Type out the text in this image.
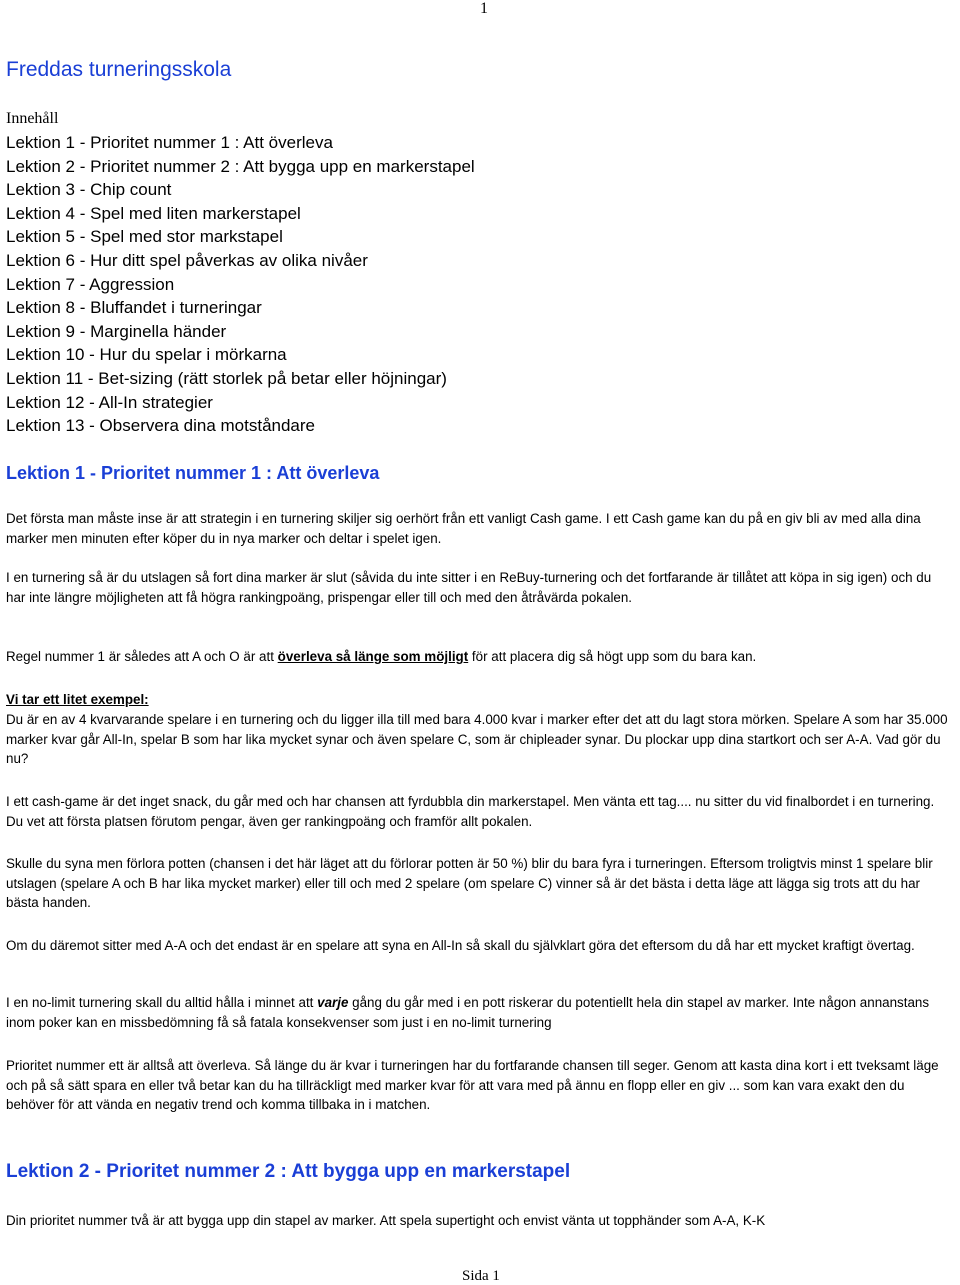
1
Freddas turneringsskola
Innehåll
Lektion 1 - Prioritet nummer 1 : Att överleva
Lektion 2 - Prioritet nummer 2 : Att bygga upp en markerstapel
Lektion 3 - Chip count
Lektion 4 - Spel med liten markerstapel
Lektion 5 - Spel med stor markstapel
Lektion 6 - Hur ditt spel påverkas av olika nivåer
Lektion 7 - Aggression
Lektion 8 - Bluffandet i turneringar
Lektion 9 - Marginella händer
Lektion 10 - Hur du spelar i mörkarna
Lektion 11 - Bet-sizing (rätt storlek på betar eller höjningar)
Lektion 12 - All-In strategier
Lektion 13 - Observera dina motståndare
Lektion 1 - Prioritet nummer 1 : Att överleva

Det första man måste inse är att strategin i en turnering skiljer sig oerhört från ett vanligt Cash game. I ett Cash game kan du på en giv bli av med alla dina marker men minuten efter köper du in nya marker och deltar i spelet igen.

I en turnering så är du utslagen så fort dina marker är slut (såvida du inte sitter i en ReBuy-turnering och det fortfarande är tillåtet att köpa in sig igen) och du har inte längre möjligheten att få högra rankingpoäng, prispengar eller till och med den åtråvärda pokalen.

Regel nummer 1 är således att A och O är att överleva så länge som möjligt för att placera dig så högt upp som du bara kan.

Vi tar ett litet exempel:

Du är en av 4 kvarvarande spelare i en turnering och du ligger illa till med bara 4.000 kvar i marker efter det att du lagt stora mörken. Spelare A som har 35.000 marker kvar går All-In, spelar B som har lika mycket synar och även spelare C, som är chipleader synar. Du plockar upp dina startkort och ser A-A. Vad gör du nu?

I ett cash-game är det inget snack, du går med och har chansen att fyrdubbla din markerstapel. Men vänta ett tag.... nu sitter du vid finalbordet i en turnering. Du vet att första platsen förutom pengar, även ger rankingpoäng och framför allt pokalen.

Skulle du syna men förlora potten (chansen i det här läget att du förlorar potten är 50 %) blir du bara fyra i turneringen. Eftersom troligtvis minst 1 spelare blir utslagen (spelare A och B har lika mycket marker) eller till och med 2 spelare (om spelare C) vinner så är det bästa i detta läge att lägga sig trots att du har bästa handen.

Om du däremot sitter med A-A och det endast är en spelare att syna en All-In så skall du självklart göra det eftersom du då har ett mycket kraftigt övertag.

I en no-limit turnering skall du alltid hålla i minnet att varje gång du går med i en pott riskerar du potentiellt hela din stapel av marker. Inte någon annanstans inom poker kan en missbedömning få så fatala konsekvenser som just i en no-limit turnering

Prioritet nummer ett är alltså att överleva. Så länge du är kvar i turneringen har du fortfarande chansen till seger. Genom att kasta dina kort i ett tveksamt läge och på så sätt spara en eller två betar kan du ha tillräckligt med marker kvar för att vara med på ännu en flopp eller en giv ... som kan vara exakt den du behöver för att vända en negativ trend och komma tillbaka in i matchen.

Lektion 2 - Prioritet nummer 2 : Att bygga upp en markerstapel

Din prioritet nummer två är att bygga upp din stapel av marker. Att spela supertight och envist vänta ut topphänder som A-A, K-K

Sida 1
